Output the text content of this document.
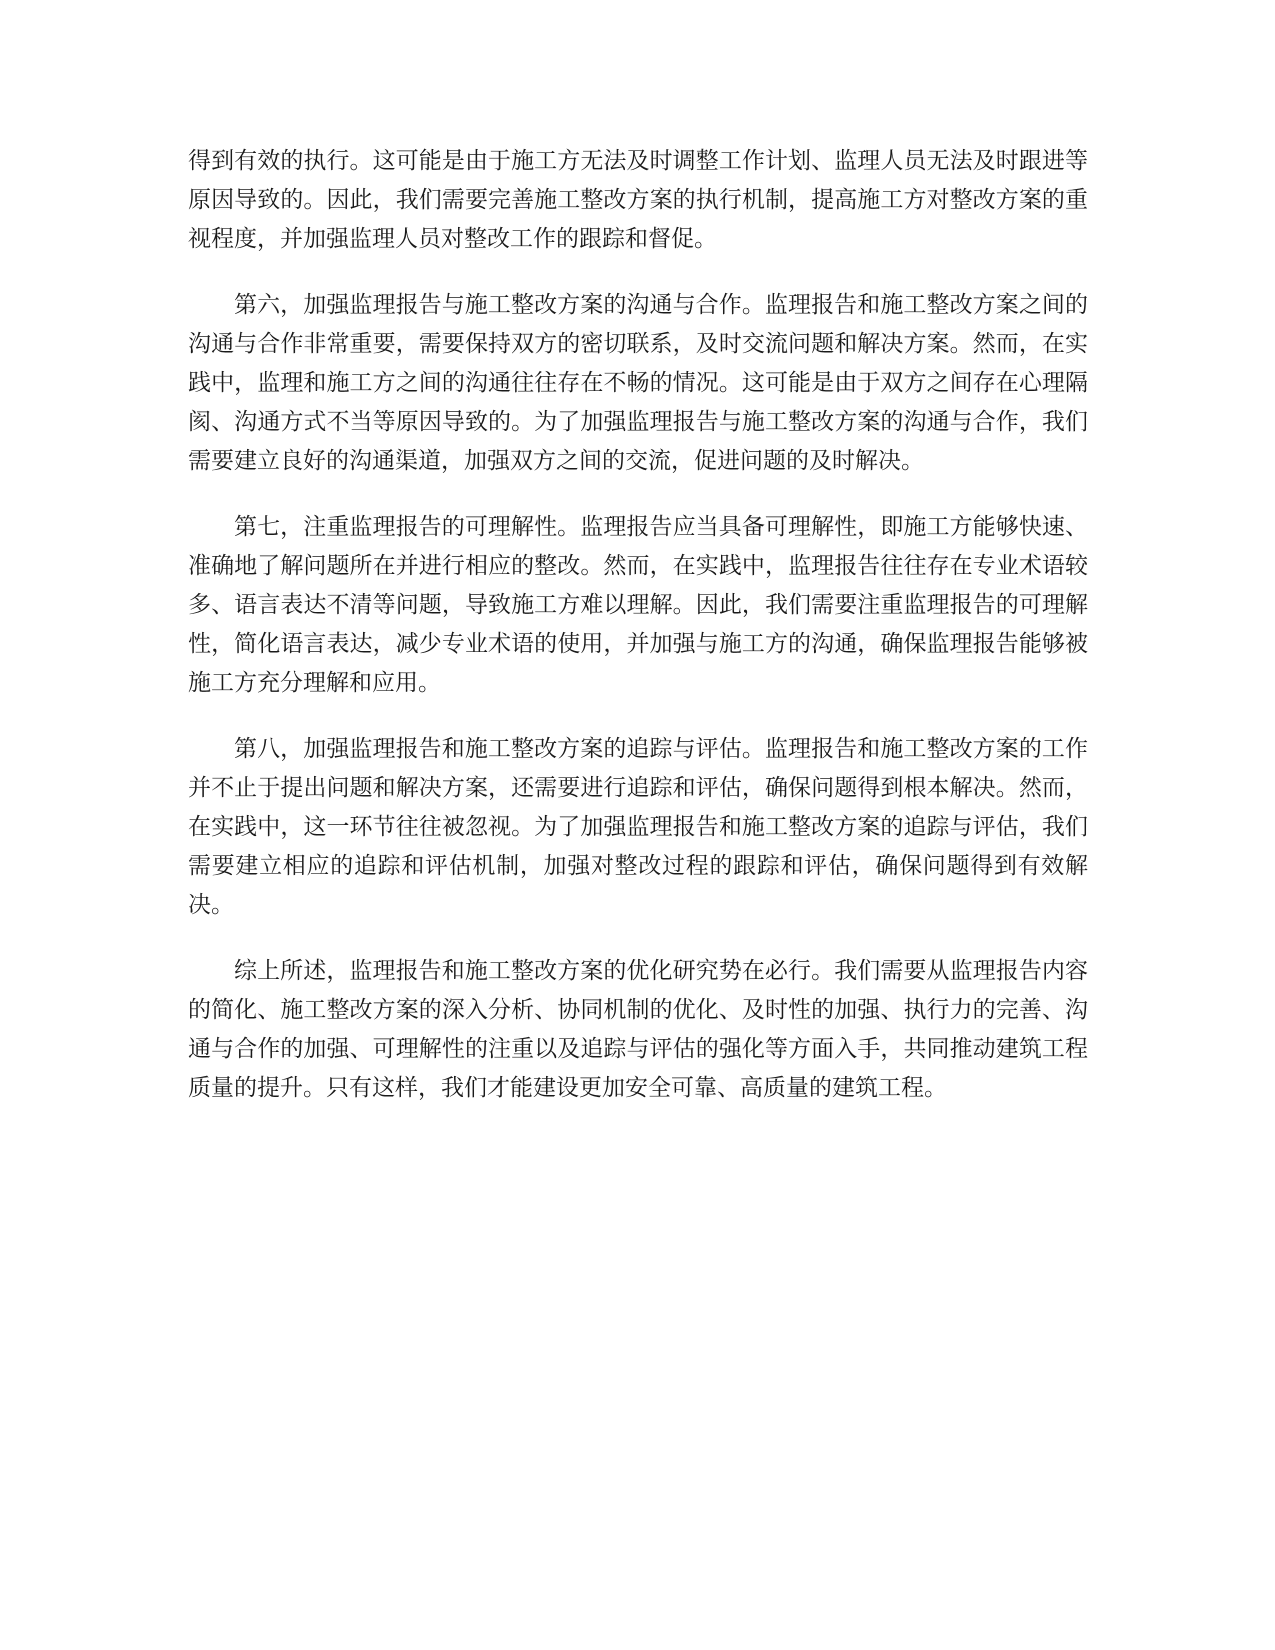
得到有效的执行。这可能是由于施工方无法及时调整工作计划、监理人员无法及时跟进等原因导致的。因此，我们需要完善施工整改方案的执行机制，提高施工方对整改方案的重视程度，并加强监理人员对整改工作的跟踪和督促。

第六，加强监理报告与施工整改方案的沟通与合作。监理报告和施工整改方案之间的沟通与合作非常重要，需要保持双方的密切联系，及时交流问题和解决方案。然而，在实践中，监理和施工方之间的沟通往往存在不畅的情况。这可能是由于双方之间存在心理隔阂、沟通方式不当等原因导致的。为了加强监理报告与施工整改方案的沟通与合作，我们需要建立良好的沟通渠道，加强双方之间的交流，促进问题的及时解决。

第七，注重监理报告的可理解性。监理报告应当具备可理解性，即施工方能够快速、准确地了解问题所在并进行相应的整改。然而，在实践中，监理报告往往存在专业术语较多、语言表达不清等问题，导致施工方难以理解。因此，我们需要注重监理报告的可理解性，简化语言表达，减少专业术语的使用，并加强与施工方的沟通，确保监理报告能够被施工方充分理解和应用。

第八，加强监理报告和施工整改方案的追踪与评估。监理报告和施工整改方案的工作并不止于提出问题和解决方案，还需要进行追踪和评估，确保问题得到根本解决。然而，在实践中，这一环节往往被忽视。为了加强监理报告和施工整改方案的追踪与评估，我们需要建立相应的追踪和评估机制，加强对整改过程的跟踪和评估，确保问题得到有效解决。

综上所述，监理报告和施工整改方案的优化研究势在必行。我们需要从监理报告内容的简化、施工整改方案的深入分析、协同机制的优化、及时性的加强、执行力的完善、沟通与合作的加强、可理解性的注重以及追踪与评估的强化等方面入手，共同推动建筑工程质量的提升。只有这样，我们才能建设更加安全可靠、高质量的建筑工程。
